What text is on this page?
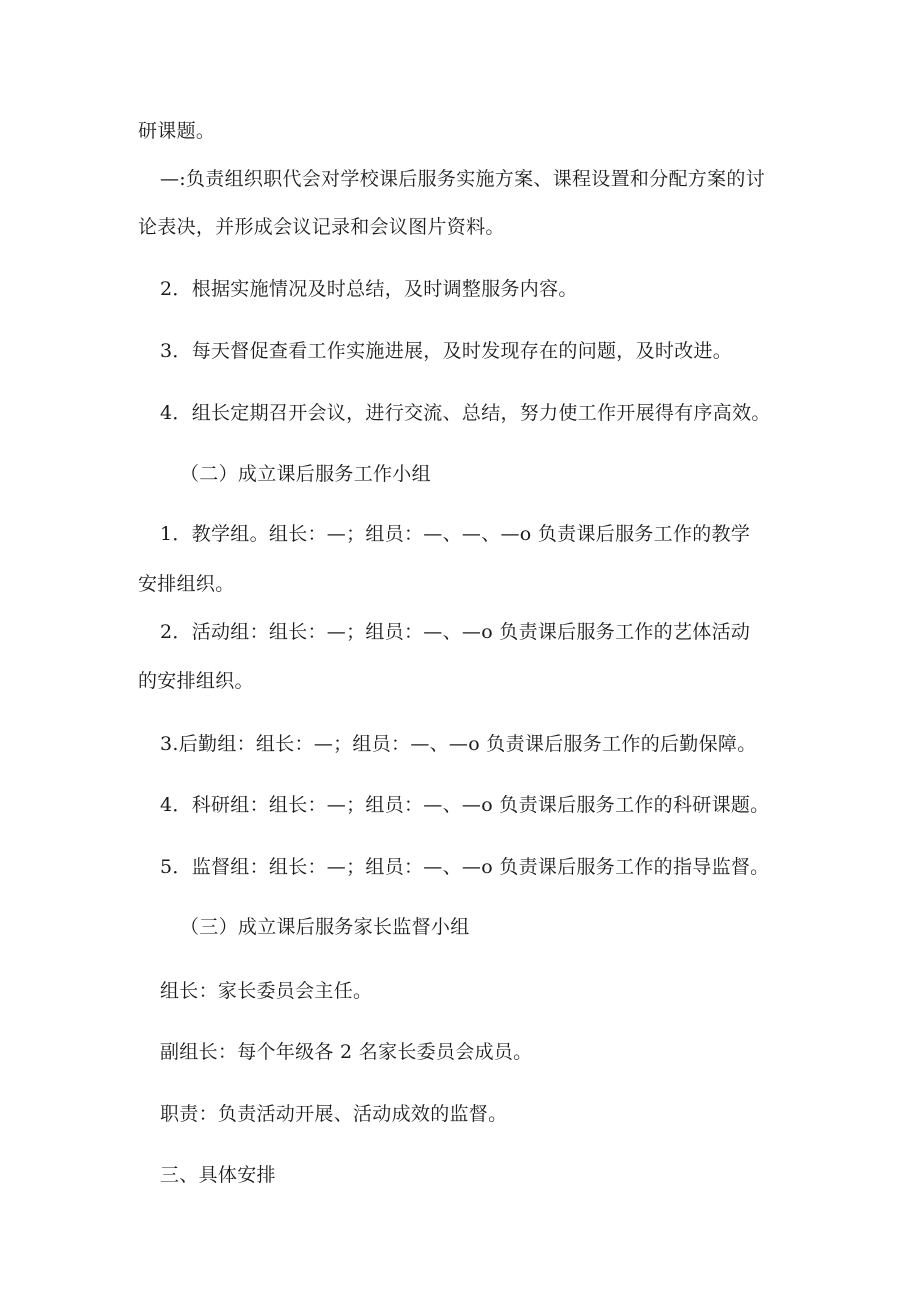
研课题。
—:负责组织职代会对学校课后服务实施方案、课程设置和分配方案的讨
论表决，并形成会议记录和会议图片资料。
2．根据实施情况及时总结，及时调整服务内容。
3．每天督促查看工作实施进展，及时发现存在的问题，及时改进。
4．组长定期召开会议，进行交流、总结，努力使工作开展得有序高效。
（二）成立课后服务工作小组
1．教学组。组长：—；组员：—、—、—o 负责课后服务工作的教学
安排组织。
2．活动组：组长：—；组员：—、—o 负责课后服务工作的艺体活动
的安排组织。
3.后勤组：组长：—；组员：—、—o 负责课后服务工作的后勤保障。
4．科研组：组长：—；组员：—、—o 负责课后服务工作的科研课题。
5．监督组：组长：—；组员：—、—o 负责课后服务工作的指导监督。
（三）成立课后服务家长监督小组
组长：家长委员会主任。
副组长：每个年级各 2 名家长委员会成员。
职责：负责活动开展、活动成效的监督。
三、具体安排
